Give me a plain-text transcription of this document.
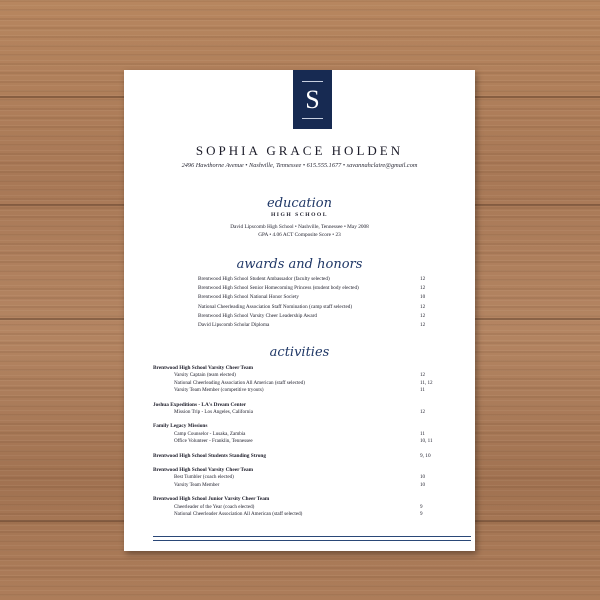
S
SOPHIA GRACE HOLDEN
2496 Hawthorne Avenue • Nashville, Tennessee • 615.555.1677 • savannahclaire@gmail.com
education
HIGH SCHOOL
David Lipscomb High School • Nashville, Tennessee • May 2008
GPA • 4.06 ACT Composite Score • 23
awards and honors
Brentwood High School Student Ambassador (faculty selected)	12
Brentwood High School Senior Homecoming Princess (student body elected)	12
Brentwood High School National Honor Society	10
National Cheerleading Association Staff Nomination (camp staff selected)	12
Brentwood High School Varsity Cheer Leadership Award	12
David Lipscomb Scholar Diploma	12
activities
Brentwood High School Varsity Cheer Team
Varsity Captain (team elected)	12
National Cheerleading Association All American (staff selected)	11, 12
Varsity Team Member (competitive tryouts)	11
Joshua Expeditions - LA's Dream Center
Mission Trip - Los Angeles, California	12
Family Legacy Missions
Camp Counselor - Lusaka, Zambia	11
Office Volunteer - Franklin, Tennessee	10, 11
Brentwood High School Students Standing Strong	9, 10
Brentwood High School Varsity Cheer Team
Best Tumbler (coach elected)	10
Varsity Team Member	10
Brentwood High School Junior Varsity Cheer Team
Cheerleader of the Year (coach elected)	9
National Cheerleader Association All American (staff selected)	9
